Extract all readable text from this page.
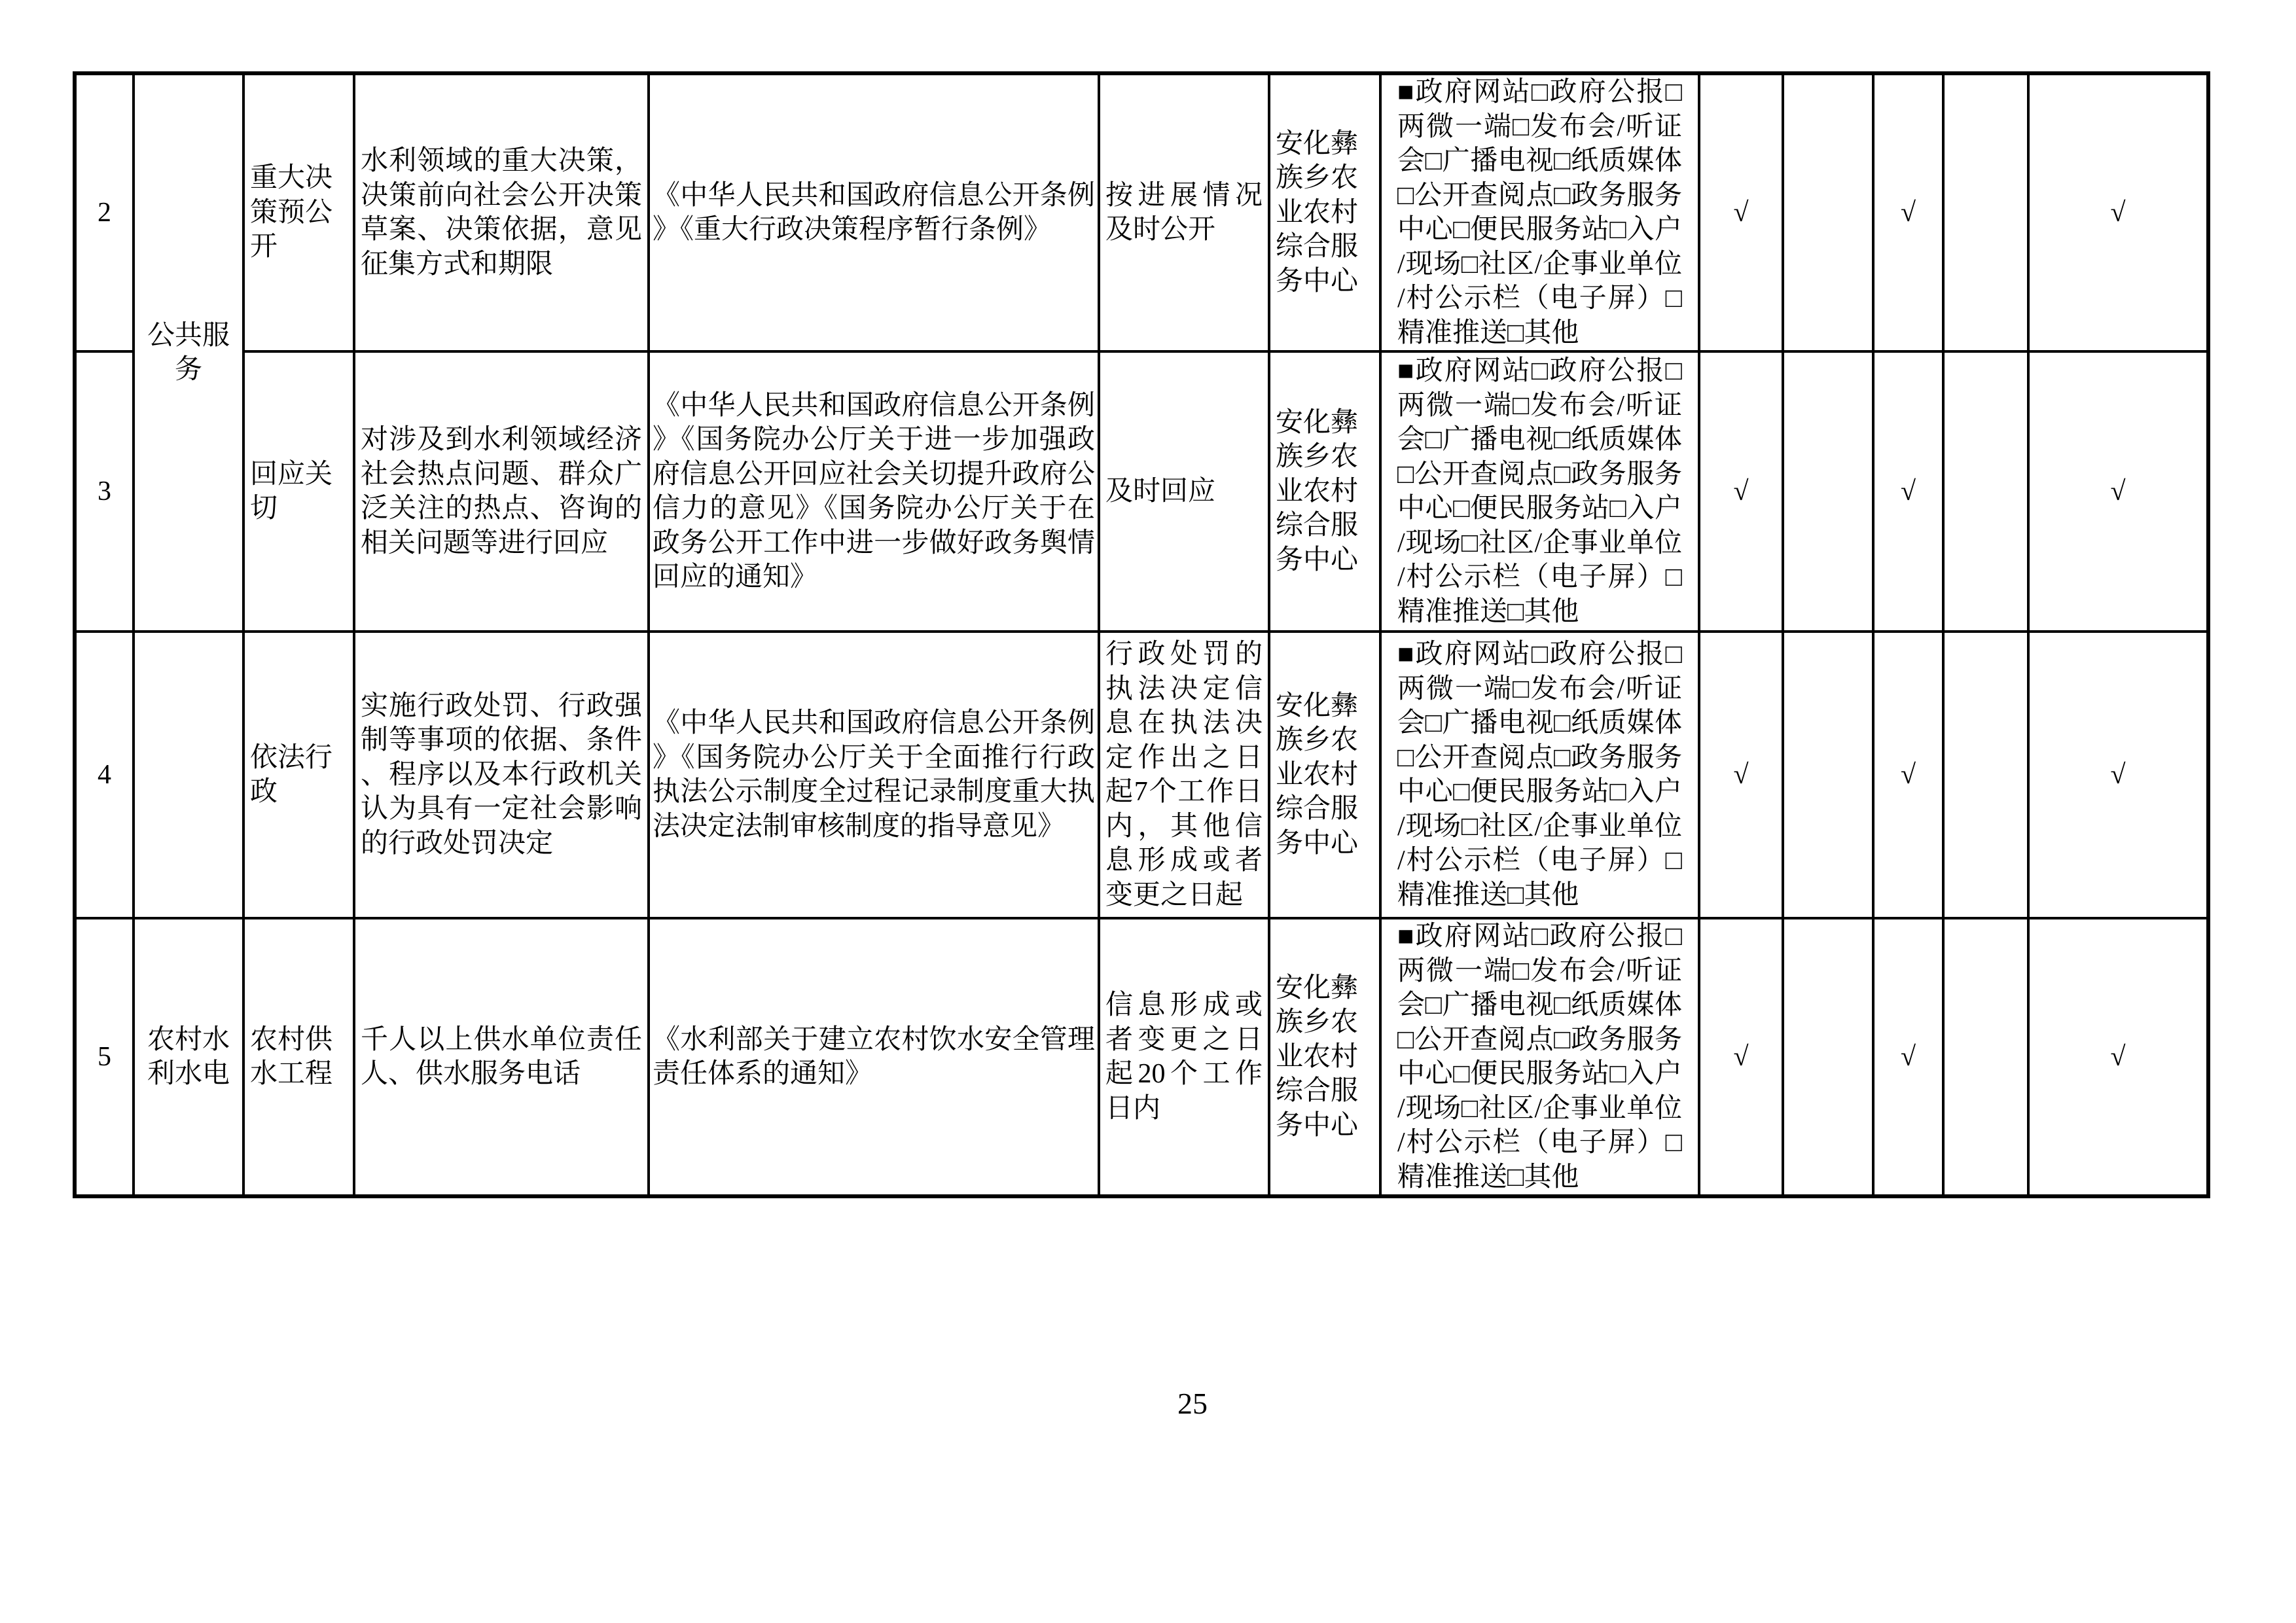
2	公共服务	重大决策预公开	水利领域的重大决策，决策前向社会公开决策草案、决策依据，意见征集方式和期限	《中华人民共和国政府信息公开条例》《重大行政决策程序暂行条例》	按进展情况及时公开	安化彝族乡农业农村综合服务中心	■政府网站□政府公报□两微一端□发布会/听证会□广播电视□纸质媒体□公开查阅点□政务服务中心□便民服务站□入户/现场□社区/企事业单位/村公示栏（电子屏）□精准推送□其他	√		√		√
3		回应关切	对涉及到水利领域经济社会热点问题、群众广泛关注的热点、咨询的相关问题等进行回应	《中华人民共和国政府信息公开条例》《国务院办公厅关于进一步加强政府信息公开回应社会关切提升政府公信力的意见》《国务院办公厅关于在政务公开工作中进一步做好政务舆情回应的通知》	及时回应	安化彝族乡农业农村综合服务中心	■政府网站□政府公报□两微一端□发布会/听证会□广播电视□纸质媒体□公开查阅点□政务服务中心□便民服务站□入户/现场□社区/企事业单位/村公示栏（电子屏）□精准推送□其他	√		√		√
4		依法行政	实施行政处罚、行政强制等事项的依据、条件、程序以及本行政机关认为具有一定社会影响的行政处罚决定	《中华人民共和国政府信息公开条例》《国务院办公厅关于全面推行行政执法公示制度全过程记录制度重大执法决定法制审核制度的指导意见》	行政处罚的执法决定信息在执法决定作出之日起7个工作日内，其他信息形成或者变更之日起	安化彝族乡农业农村综合服务中心	■政府网站□政府公报□两微一端□发布会/听证会□广播电视□纸质媒体□公开查阅点□政务服务中心□便民服务站□入户/现场□社区/企事业单位/村公示栏（电子屏）□精准推送□其他	√		√		√
5	农村水利水电	农村供水工程	千人以上供水单位责任人、供水服务电话	《水利部关于建立农村饮水安全管理责任体系的通知》	信息形成或者变更之日起20个工作日内	安化彝族乡农业农村综合服务中心	■政府网站□政府公报□两微一端□发布会/听证会□广播电视□纸质媒体□公开查阅点□政务服务中心□便民服务站□入户/现场□社区/企事业单位/村公示栏（电子屏）□精准推送□其他	√		√		√
25
